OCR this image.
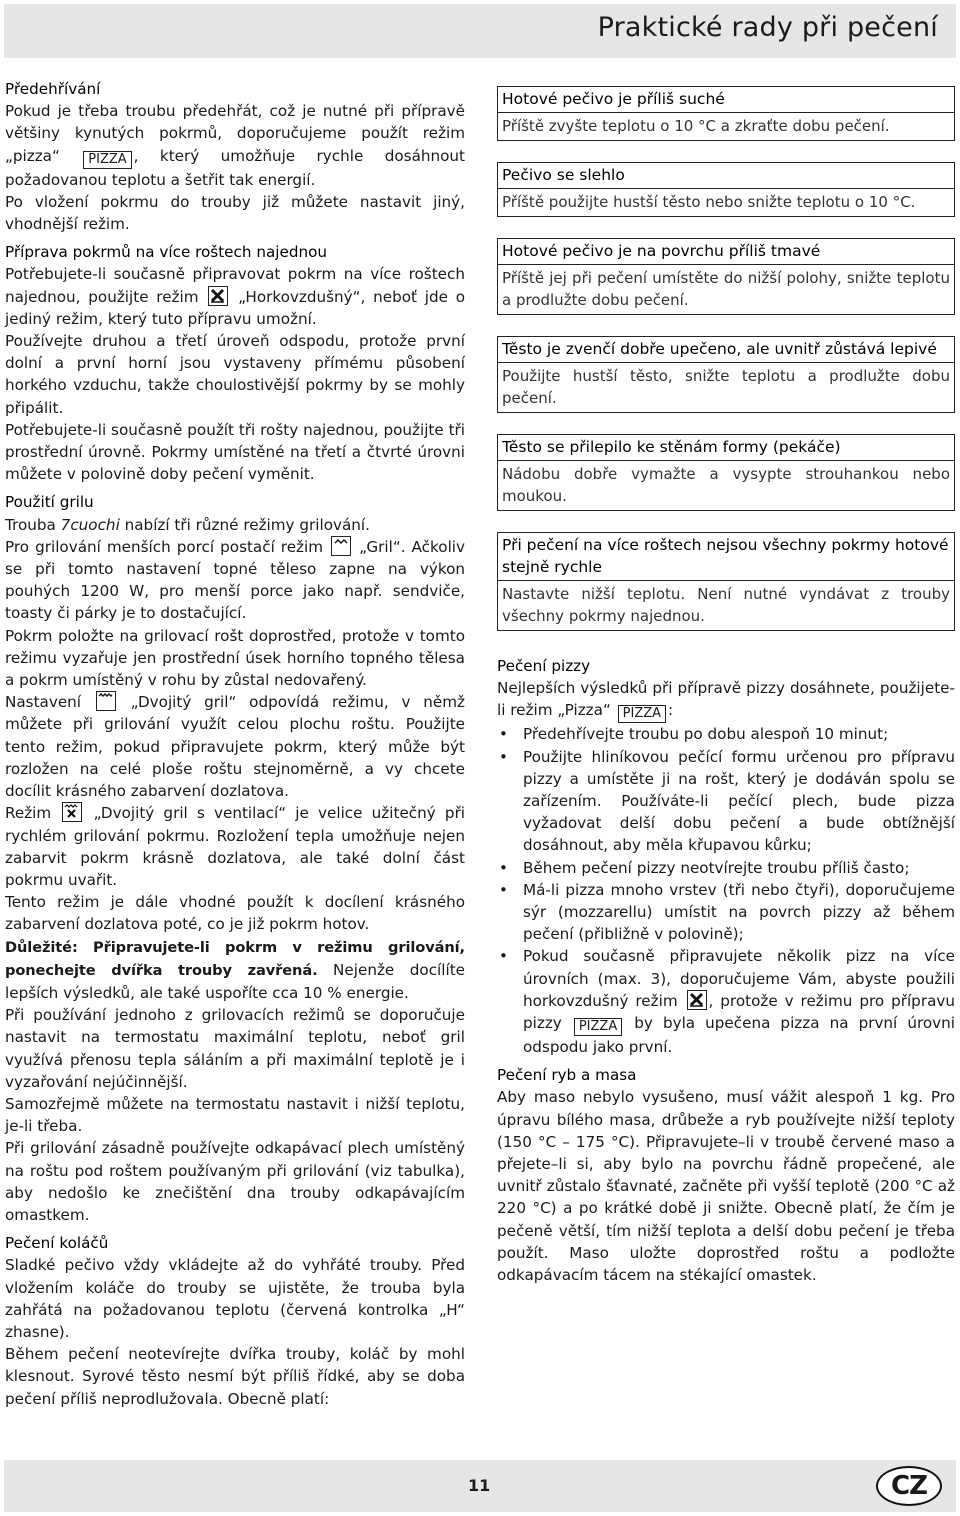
Praktické rady při pečení
Předehřívání

Pokud je třeba troubu předehřát, což je nutné při přípravě většiny kynutých pokrmů, doporučujeme použít režim „pizza“ PIZZA , který umožňuje rychle dosáhnout požadovanou teplotu a šetřit tak energií.

Po vložení pokrmu do trouby již můžete nastavit jiný, vhodnější režim.

Příprava pokrmů na více roštech najednou

Potřebujete-li současně připravovat pokrm na více roštech najednou, použijte režim	„Horkovzdušný“, neboť jde o jediný režim, který tuto přípravu umožní.

Používejte druhou a třetí úroveň odspodu, protože první dolní a první horní jsou vystaveny přímému působení horkého vzduchu, takže choulostivější pokrmy by se mohly připálit.

Potřebujete-li současně použít tři rošty najednou, použijte tři prostřední úrovně. Pokrmy umístěné na třetí a čtvrté úrovni můžete v polovině doby pečení vyměnit.

Použití grilu

Trouba 7cuochi nabízí tři různé režimy grilování.

Pro grilování menších porcí postačí režim „Gril“. Ačkoliv se při tomto nastavení topné těleso zapne na výkon pouhých 1200 W, pro menší porce jako např. sendviče, toasty či párky je to dostačující.

Pokrm položte na grilovací rošt doprostřed, protože v tomto režimu vyzařuje jen prostřední úsek horního topného tělesa a pokrm umístěný v rohu by zůstal nedovařený.

Nastavení	„Dvojitý gril“ odpovídá režimu, v němž můžete při grilování využít celou plochu roštu. Použijte tento režim, pokud připravujete pokrm, který může být rozložen na celé ploše roštu stejnoměrně, a vy chcete docílit krásného zabarvení dozlatova.

Režim	„Dvojitý gril s ventilací“ je velice užitečný při rychlém grilování pokrmu. Rozložení tepla umožňuje nejen zabarvit pokrm krásně dozlatova, ale také dolní část pokrmu uvařit.

Tento režim je dále vhodné použít k docílení krásného zabarvení dozlatova poté, co je již pokrm hotov.

Důležité: Připravujete-li pokrm v režimu grilování, ponechejte dvířka trouby zavřená. Nejenže docílíte lepších výsledků, ale také uspoříte cca 10 % energie.

Při používání jednoho z grilovacích režimů se doporučuje nastavit na termostatu maximální teplotu, neboť gril využívá přenosu tepla sáláním a při maximální teplotě je i vyzařování nejúčinnější.

Samozřejmě můžete na termostatu nastavit i nižší teplotu, je-li třeba.

Při grilování zásadně používejte odkapávací plech umístěný na roštu pod roštem používaným při grilování (viz tabulka), aby nedošlo ke znečištění dna trouby odkapávajícím omastkem.

Pečení koláčů

Sladké pečivo vždy vkládejte až do vyhřáté trouby. Před vložením koláče do trouby se ujistěte, že trouba byla zahřátá na požadovanou teplotu (červená kontrolka „H“ zhasne).

Během pečení neotevírejte dvířka trouby, koláč by mohl klesnout. Syrové těsto nesmí být příliš řídké, aby se doba pečení příliš neprodlužovala. Obecně platí:

Hotové pečivo je příliš suché
Příště zvyšte teplotu o 10 °C a zkraťte dobu pečení.
Pečivo se slehlo
Příště použijte hustší těsto nebo snižte teplotu o 10 °C.
Hotové pečivo je na povrchu příliš tmavé
Příště jej při pečení umístěte do nižší polohy, snižte teplotu a prodlužte dobu pečení.
Těsto je zvenčí dobře upečeno, ale uvnitř zůstává lepivé
Použijte hustší těsto, snižte teplotu a prodlužte dobu pečení.
Těsto se přilepilo ke stěnám formy (pekáče)
Nádobu dobře vymažte a vysypte strouhankou nebo moukou.
Při pečení na více roštech nejsou všechny pokrmy hotové stejně rychle
Nastavte nižší teplotu. Není nutné vyndávat z trouby všechny pokrmy najednou.
Pečení pizzy

Nejlepších výsledků při přípravě pizzy dosáhnete, použijete-li režim „Pizza“ PIZZA :

• Předehřívejte troubu po dobu alespoň 10 minut;
• Použijte hliníkovou pečící formu určenou pro přípravu pizzy a umístěte ji na rošt, který je dodáván spolu se zařízením. Používáte-li pečící plech, bude pizza vyžadovat delší dobu pečení a bude obtížnější dosáhnout, aby měla křupavou kůrku;
• Během pečení pizzy neotvírejte troubu příliš často;
• Má-li pizza mnoho vrstev (tři nebo čtyři), doporučujeme sýr (mozzarellu) umístit na povrch pizzy až během pečení (přibližně v polovině);
• Pokud současně připravujete několik pizz na více úrovních (max. 3), doporučujeme Vám, abyste použili horkovzdušný režim , protože v režimu pro přípravu pizzy PIZZA by byla upečena pizza na první úrovni odspodu jako první.
Pečení ryb a masa

Aby maso nebylo vysušeno, musí vážit alespoň 1 kg. Pro úpravu bílého masa, drůbeže a ryb používejte nižší teploty (150 °C – 175 °C). Připravujete–li v troubě červené maso a přejete–li si, aby bylo na povrchu řádně propečené, ale uvnitř zůstalo šťavnaté, začněte při vyšší teplotě (200 °C až 220 °C) a po krátké době ji snižte. Obecně platí, že čím je pečeně větší, tím nižší teplota a delší dobu pečení je třeba použít. Maso uložte doprostřed roštu a podložte odkapávacím tácem na stékající omastek.

11	CZ
